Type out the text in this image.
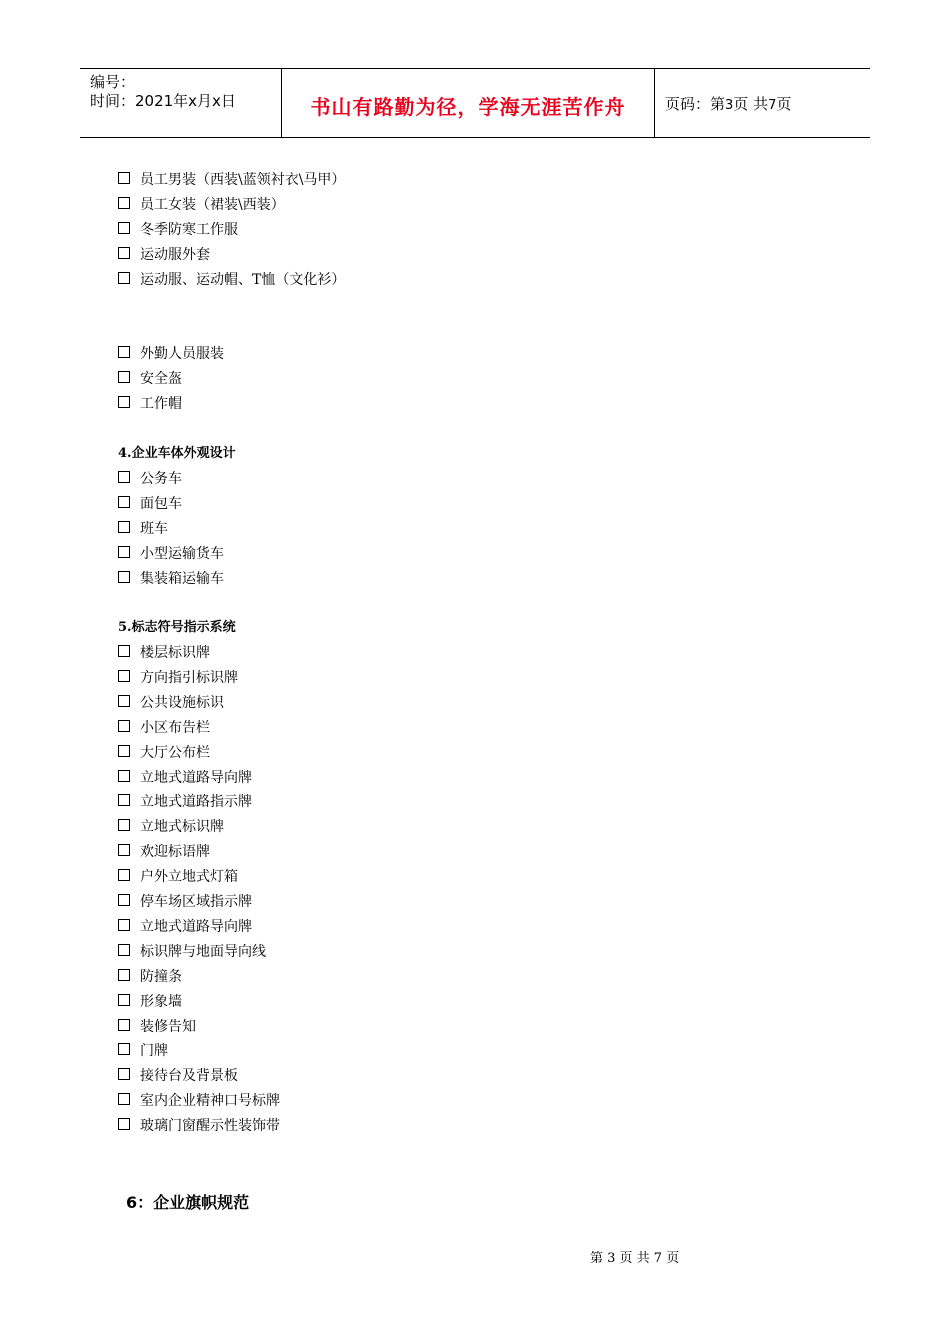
编号：
时间：2021年x月x日	书山有路勤为径，学海无涯苦作舟	页码：第3页 共7页
员工男装（西装\蓝领衬衣\马甲）
员工女装（裙装\西装）
冬季防寒工作服
运动服外套
运动服、运动帽、T恤（文化衫）
外勤人员服装
安全盔
工作帽
4.企业车体外观设计
公务车
面包车
班车
小型运输货车
集装箱运输车
5.标志符号指示系统
楼层标识牌
方向指引标识牌
公共设施标识
小区布告栏
大厅公布栏
立地式道路导向牌
立地式道路指示牌
立地式标识牌
欢迎标语牌
户外立地式灯箱
停车场区域指示牌
立地式道路导向牌
标识牌与地面导向线
防撞条
形象墙
装修告知
门牌
接待台及背景板
室内企业精神口号标牌
玻璃门窗醒示性装饰带
6：企业旗帜规范
第 3 页 共 7 页
